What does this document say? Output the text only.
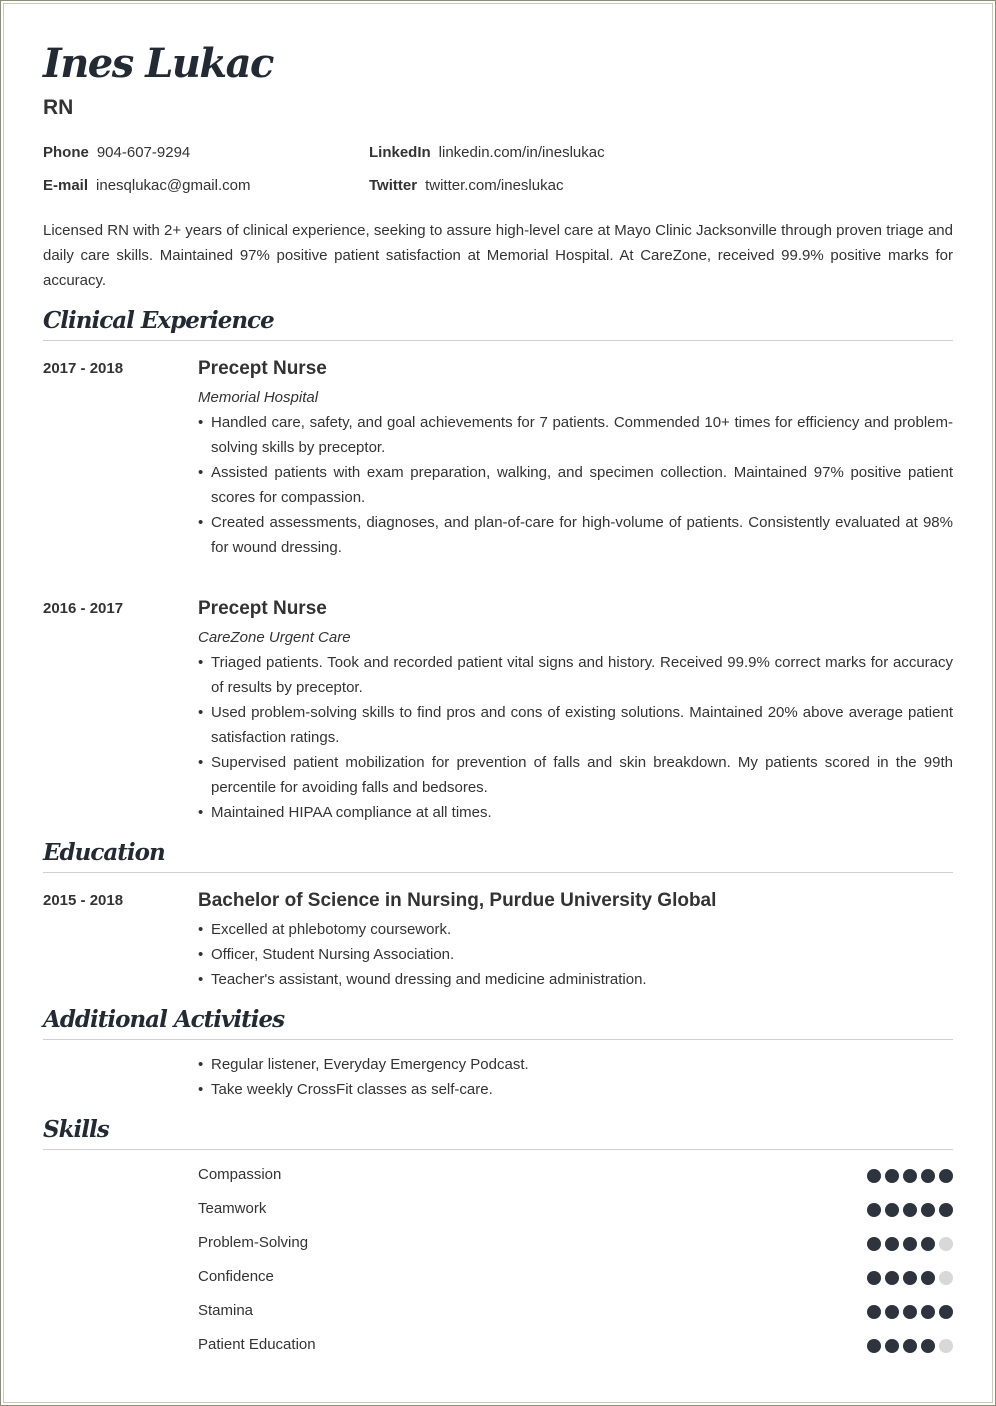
Ines Lukac
RN
Phone 904-607-9294
E-mail inesqlukac@gmail.com
LinkedIn linkedin.com/in/ineslukac
Twitter twitter.com/ineslukac

Licensed RN with 2+ years of clinical experience, seeking to assure high-level care at Mayo Clinic Jacksonville through proven triage and daily care skills. Maintained 97% positive patient satisfaction at Memorial Hospital. At CareZone, received 99.9% positive marks for accuracy.

Clinical Experience
2017 - 2018	Precept Nurse
Memorial Hospital
• Handled care, safety, and goal achievements for 7 patients. Commended 10+ times for efficiency and problem-solving skills by preceptor.
• Assisted patients with exam preparation, walking, and specimen collection. Maintained 97% positive patient scores for compassion.
• Created assessments, diagnoses, and plan-of-care for high-volume of patients. Consistently evaluated at 98% for wound dressing.
2016 - 2017	Precept Nurse
CareZone Urgent Care
• Triaged patients. Took and recorded patient vital signs and history. Received 99.9% correct marks for accuracy of results by preceptor.
• Used problem-solving skills to find pros and cons of existing solutions. Maintained 20% above average patient satisfaction ratings.
• Supervised patient mobilization for prevention of falls and skin breakdown. My patients scored in the 99th percentile for avoiding falls and bedsores.
• Maintained HIPAA compliance at all times.
Education
2015 - 2018	Bachelor of Science in Nursing, Purdue University Global
• Excelled at phlebotomy coursework.
• Officer, Student Nursing Association.
• Teacher's assistant, wound dressing and medicine administration.
Additional Activities
• Regular listener, Everyday Emergency Podcast.
• Take weekly CrossFit classes as self-care.
Skills
Compassion
Teamwork
Problem-Solving
Confidence
Stamina
Patient Education
